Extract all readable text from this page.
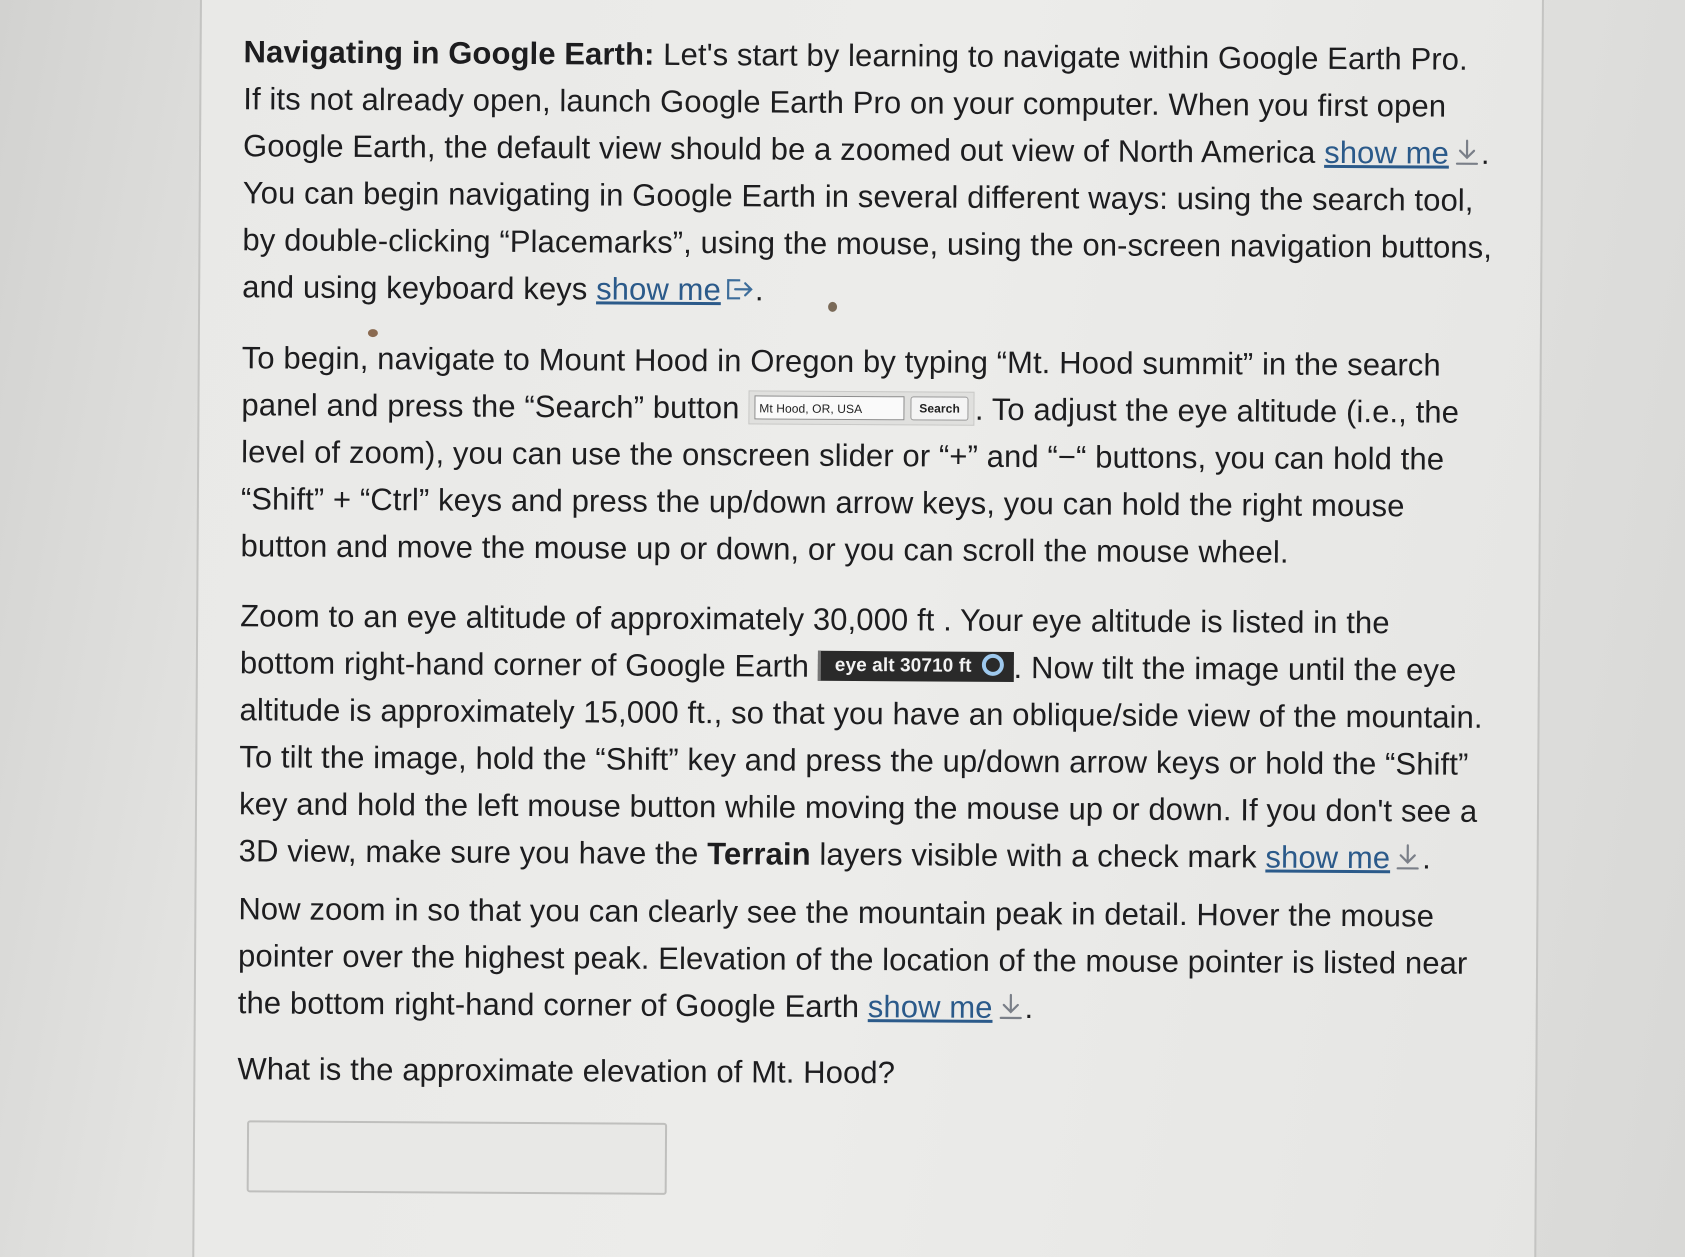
Navigating in Google Earth: Let's start by learning to navigate within Google Earth Pro. If its not already open, launch Google Earth Pro on your computer. When you first open Google Earth, the default view should be a zoomed out view of North America show me . You can begin navigating in Google Earth in several different ways: using the search tool, by double-clicking “Placemarks”, using the mouse, using the on-screen navigation buttons, and using keyboard keys show me .
To begin, navigate to Mount Hood in Oregon by typing “Mt. Hood summit” in the search panel and press the “Search” button Mt Hood, OR, USA	Search . To adjust the eye altitude (i.e., the level of zoom), you can use the onscreen slider or “+” and “−“ buttons, you can hold the “Shift” + “Ctrl” keys and press the up/down arrow keys, you can hold the right mouse button and move the mouse up or down, or you can scroll the mouse wheel.
Zoom to an eye altitude of approximately 30,000 ft . Your eye altitude is listed in the bottom right-hand corner of Google Earth eye alt 30710 ft . Now tilt the image until the eye altitude is approximately 15,000 ft., so that you have an oblique/side view of the mountain. To tilt the image, hold the “Shift” key and press the up/down arrow keys or hold the “Shift” key and hold the left mouse button while moving the mouse up or down. If you don't see a 3D view, make sure you have the Terrain layers visible with a check mark show me .
Now zoom in so that you can clearly see the mountain peak in detail. Hover the mouse pointer over the highest peak. Elevation of the location of the mouse pointer is listed near the bottom right-hand corner of Google Earth show me .
What is the approximate elevation of Mt. Hood?
